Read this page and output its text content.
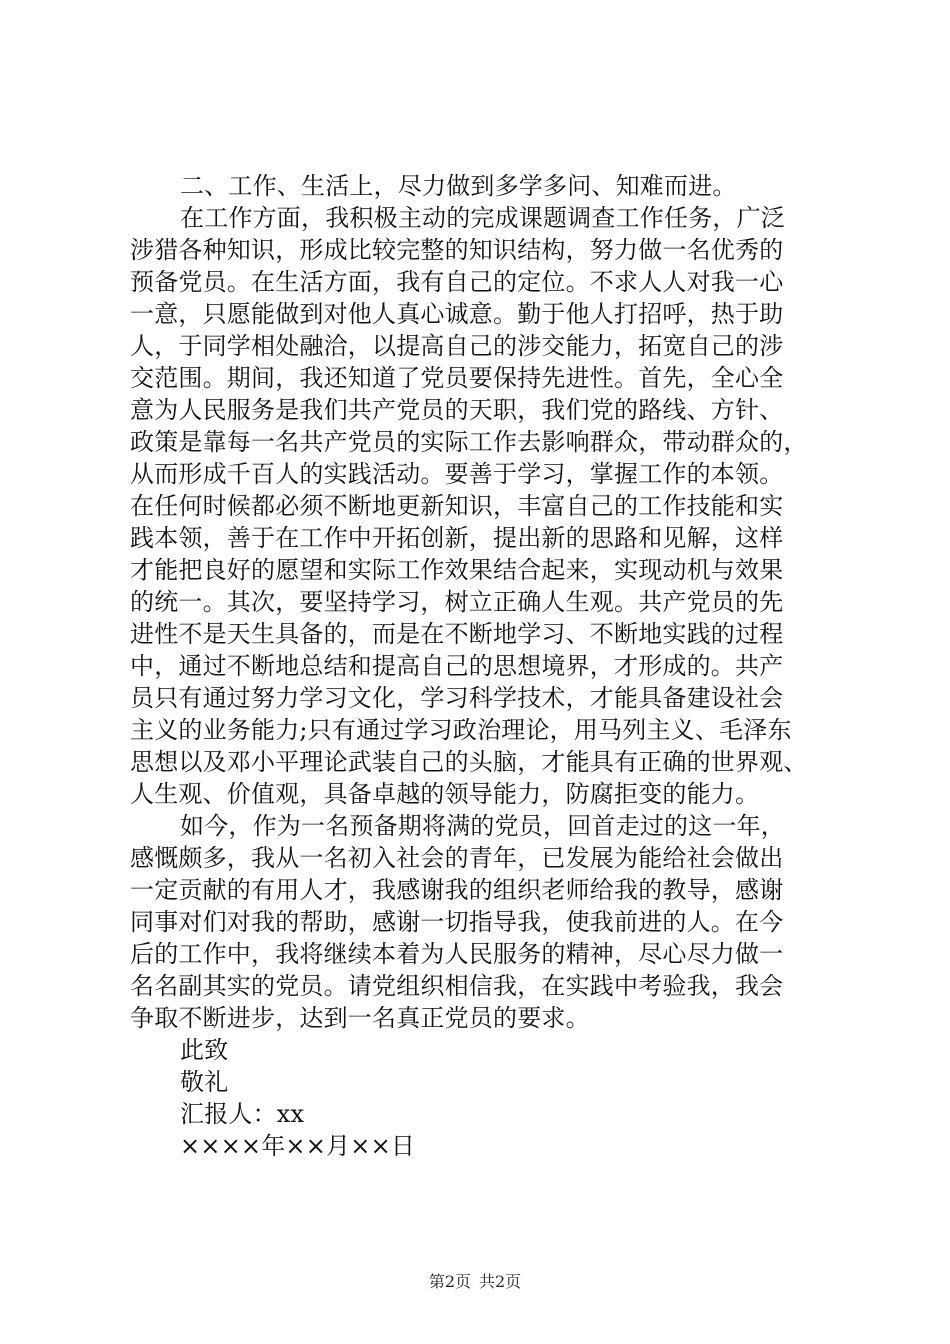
二、工作、生活上，尽力做到多学多问、知难而进。
在工作方面，我积极主动的完成课题调查工作任务，广泛
涉猎各种知识，形成比较完整的知识结构，努力做一名优秀的
预备党员。在生活方面，我有自己的定位。不求人人对我一心
一意，只愿能做到对他人真心诚意。勤于他人打招呼，热于助
人，于同学相处融洽，以提高自己的涉交能力，拓宽自己的涉
交范围。期间，我还知道了党员要保持先进性。首先，全心全
意为人民服务是我们共产党员的天职，我们党的路线、方针、
政策是靠每一名共产党员的实际工作去影响群众，带动群众的，
从而形成千百人的实践活动。要善于学习，掌握工作的本领。
在任何时候都必须不断地更新知识，丰富自己的工作技能和实
践本领，善于在工作中开拓创新，提出新的思路和见解，这样
才能把良好的愿望和实际工作效果结合起来，实现动机与效果
的统一。其次，要坚持学习，树立正确人生观。共产党员的先
进性不是天生具备的，而是在不断地学习、不断地实践的过程
中，通过不断地总结和提高自己的思想境界，才形成的。共产
员只有通过努力学习文化，学习科学技术，才能具备建设社会
主义的业务能力;只有通过学习政治理论，用马列主义、毛泽东
思想以及邓小平理论武装自己的头脑，才能具有正确的世界观、
人生观、价值观，具备卓越的领导能力，防腐拒变的能力。
如今，作为一名预备期将满的党员，回首走过的这一年，
感慨颇多，我从一名初入社会的青年，已发展为能给社会做出
一定贡献的有用人才，我感谢我的组织老师给我的教导，感谢
同事对们对我的帮助，感谢一切指导我，使我前进的人。在今
后的工作中，我将继续本着为人民服务的精神，尽心尽力做一
名名副其实的党员。请党组织相信我，在实践中考验我，我会
争取不断进步，达到一名真正党员的要求。
此致
敬礼
汇报人：xx
××××年××月××日
第2页 共2页
